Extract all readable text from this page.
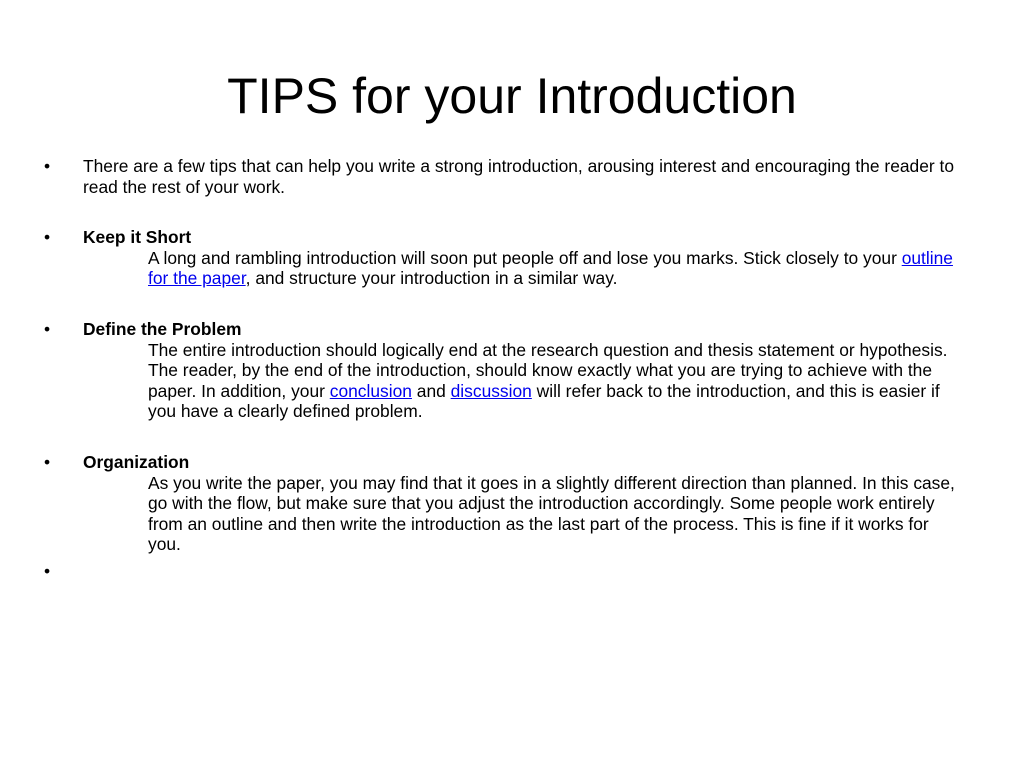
TIPS for your Introduction
• There are a few tips that can help you write a strong introduction, arousing interest and encouraging the reader to read the rest of your work.
• Keep it Short
A long and rambling introduction will soon put people off and lose you marks. Stick closely to your outline for the paper, and structure your introduction in a similar way.
• Define the Problem
The entire introduction should logically end at the research question and thesis statement or hypothesis. The reader, by the end of the introduction, should know exactly what you are trying to achieve with the paper. In addition, your conclusion and discussion will refer back to the introduction, and this is easier if you have a clearly defined problem.
• Organization
As you write the paper, you may find that it goes in a slightly different direction than planned. In this case, go with the flow, but make sure that you adjust the introduction accordingly. Some people work entirely from an outline and then write the introduction as the last part of the process. This is fine if it works for you.
•
